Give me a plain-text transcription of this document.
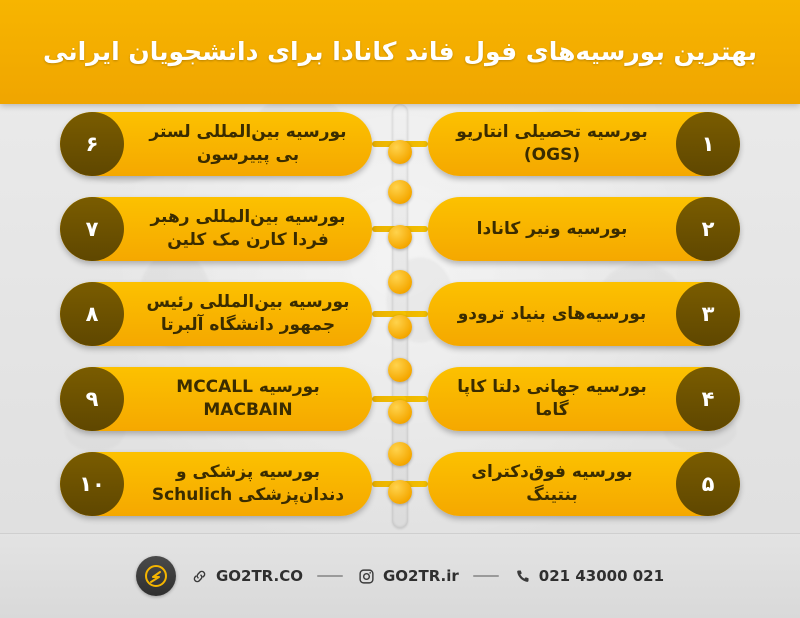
بهترین بورسیه‌های فول فاند کانادا برای دانشجویان ایرانی
۱
بورسیه تحصیلی انتاریو (OGS)
۲
بورسیه ونیر کانادا
۳
بورسیه‌های بنیاد ترودو
۴
بورسیه جهانی دلتا کاپا گاما
۵
بورسیه فوق‌دکترای بنتینگ
۶	بورسیه بین‌المللی لستر بی پییرسون
۷	بورسیه بین‌المللی رهبر فردا کارن مک کلین
۸	بورسیه بین‌المللی رئیس جمهور دانشگاه آلبرتا
۹	بورسیه MCCALL MACBAIN
۱۰	بورسیه پزشکی و دندان‌پزشکی Schulich
GO2TR.CO	GO2TR.ir	021 43000 021
